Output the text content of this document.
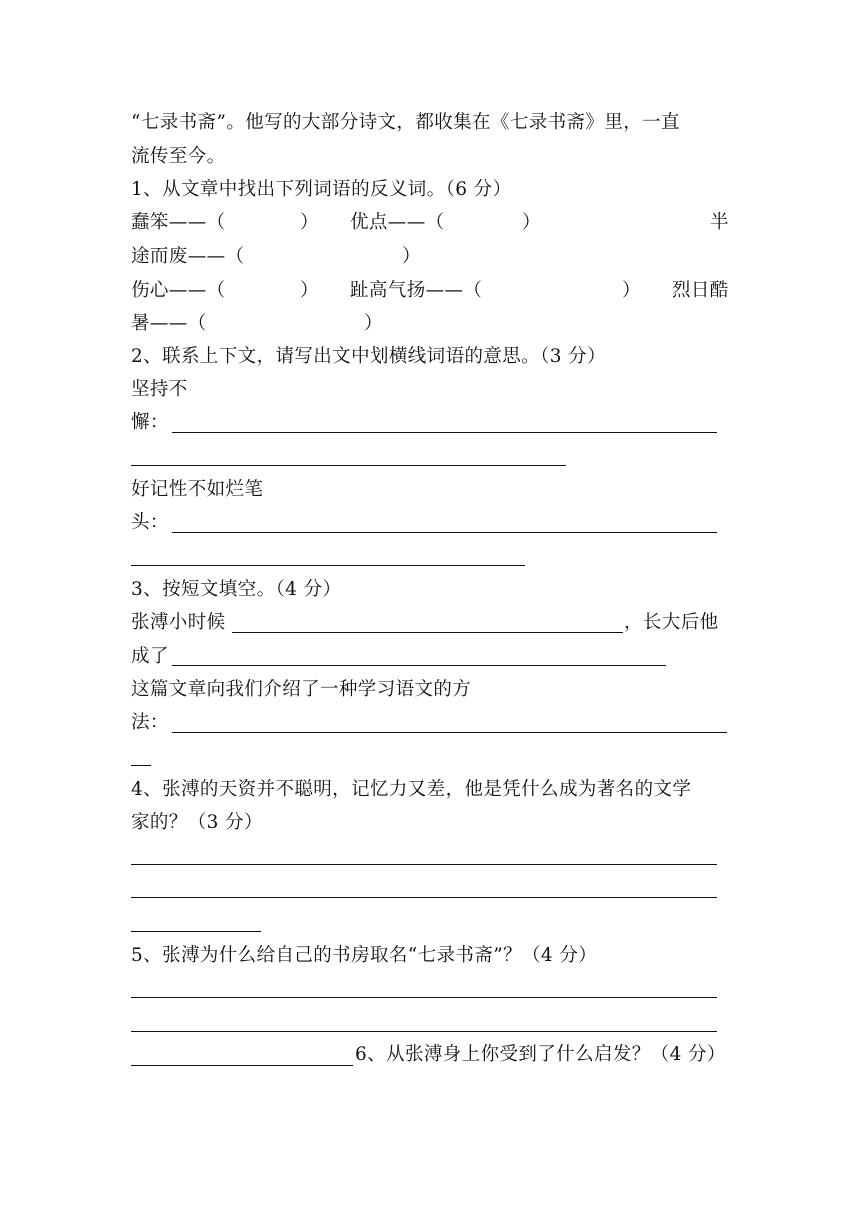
“七录书斋”。他写的大部分诗文，都收集在《七录书斋》里，一直
流传至今。
1、从文章中找出下列词语的反义词。（6 分）
蠢笨——（	） 优点——（	）	半
途而废——（	）
伤心——（	） 趾高气扬——（	） 烈日酷
暑——（	）
2、联系上下文，请写出文中划横线词语的意思。（3 分）
坚持不
懈：
好记性不如烂笔
头：
3、按短文填空。（4 分）
张溥小时候	，长大后他
成了
这篇文章向我们介绍了一种学习语文的方
法：
4、张溥的天资并不聪明，记忆力又差，他是凭什么成为著名的文学
家的？（3 分）
5、张溥为什么给自己的书房取名“七录书斋”？（4 分）
6、从张溥身上你受到了什么启发？（4 分）
